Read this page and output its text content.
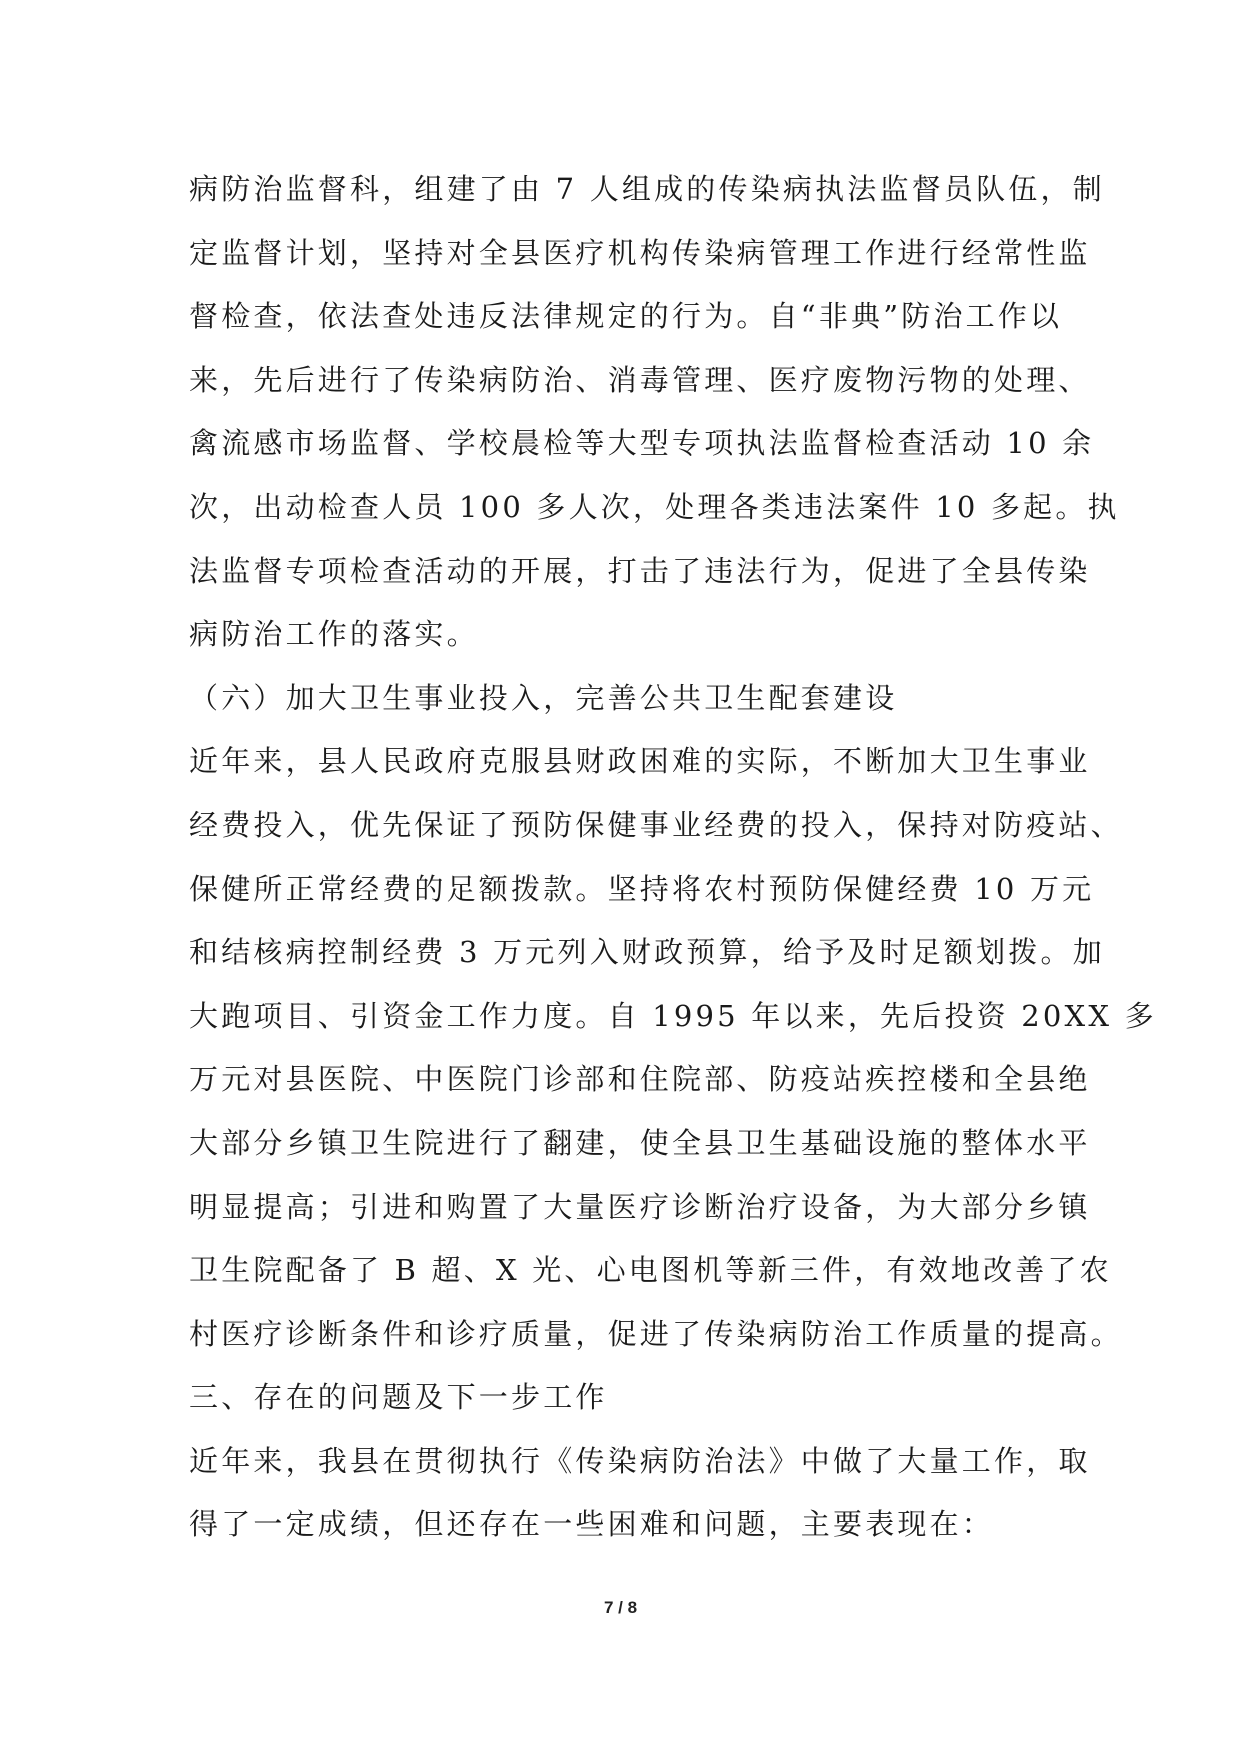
病防治监督科，组建了由 7 人组成的传染病执法监督员队伍，制
定监督计划，坚持对全县医疗机构传染病管理工作进行经常性监
督检查，依法查处违反法律规定的行为。自“非典”防治工作以
来，先后进行了传染病防治、消毒管理、医疗废物污物的处理、
禽流感市场监督、学校晨检等大型专项执法监督检查活动 10 余
次，出动检查人员 100 多人次，处理各类违法案件 10 多起。执
法监督专项检查活动的开展，打击了违法行为，促进了全县传染
病防治工作的落实。
（六）加大卫生事业投入，完善公共卫生配套建设
近年来，县人民政府克服县财政困难的实际，不断加大卫生事业
经费投入，优先保证了预防保健事业经费的投入，保持对防疫站、
保健所正常经费的足额拨款。坚持将农村预防保健经费 10 万元
和结核病控制经费 3 万元列入财政预算，给予及时足额划拨。加
大跑项目、引资金工作力度。自 1995 年以来，先后投资 20XX 多
万元对县医院、中医院门诊部和住院部、防疫站疾控楼和全县绝
大部分乡镇卫生院进行了翻建，使全县卫生基础设施的整体水平
明显提高；引进和购置了大量医疗诊断治疗设备，为大部分乡镇
卫生院配备了 B 超、X 光、心电图机等新三件，有效地改善了农
村医疗诊断条件和诊疗质量，促进了传染病防治工作质量的提高。
三、存在的问题及下一步工作
近年来，我县在贯彻执行《传染病防治法》中做了大量工作，取
得了一定成绩，但还存在一些困难和问题，主要表现在：
7 / 8
